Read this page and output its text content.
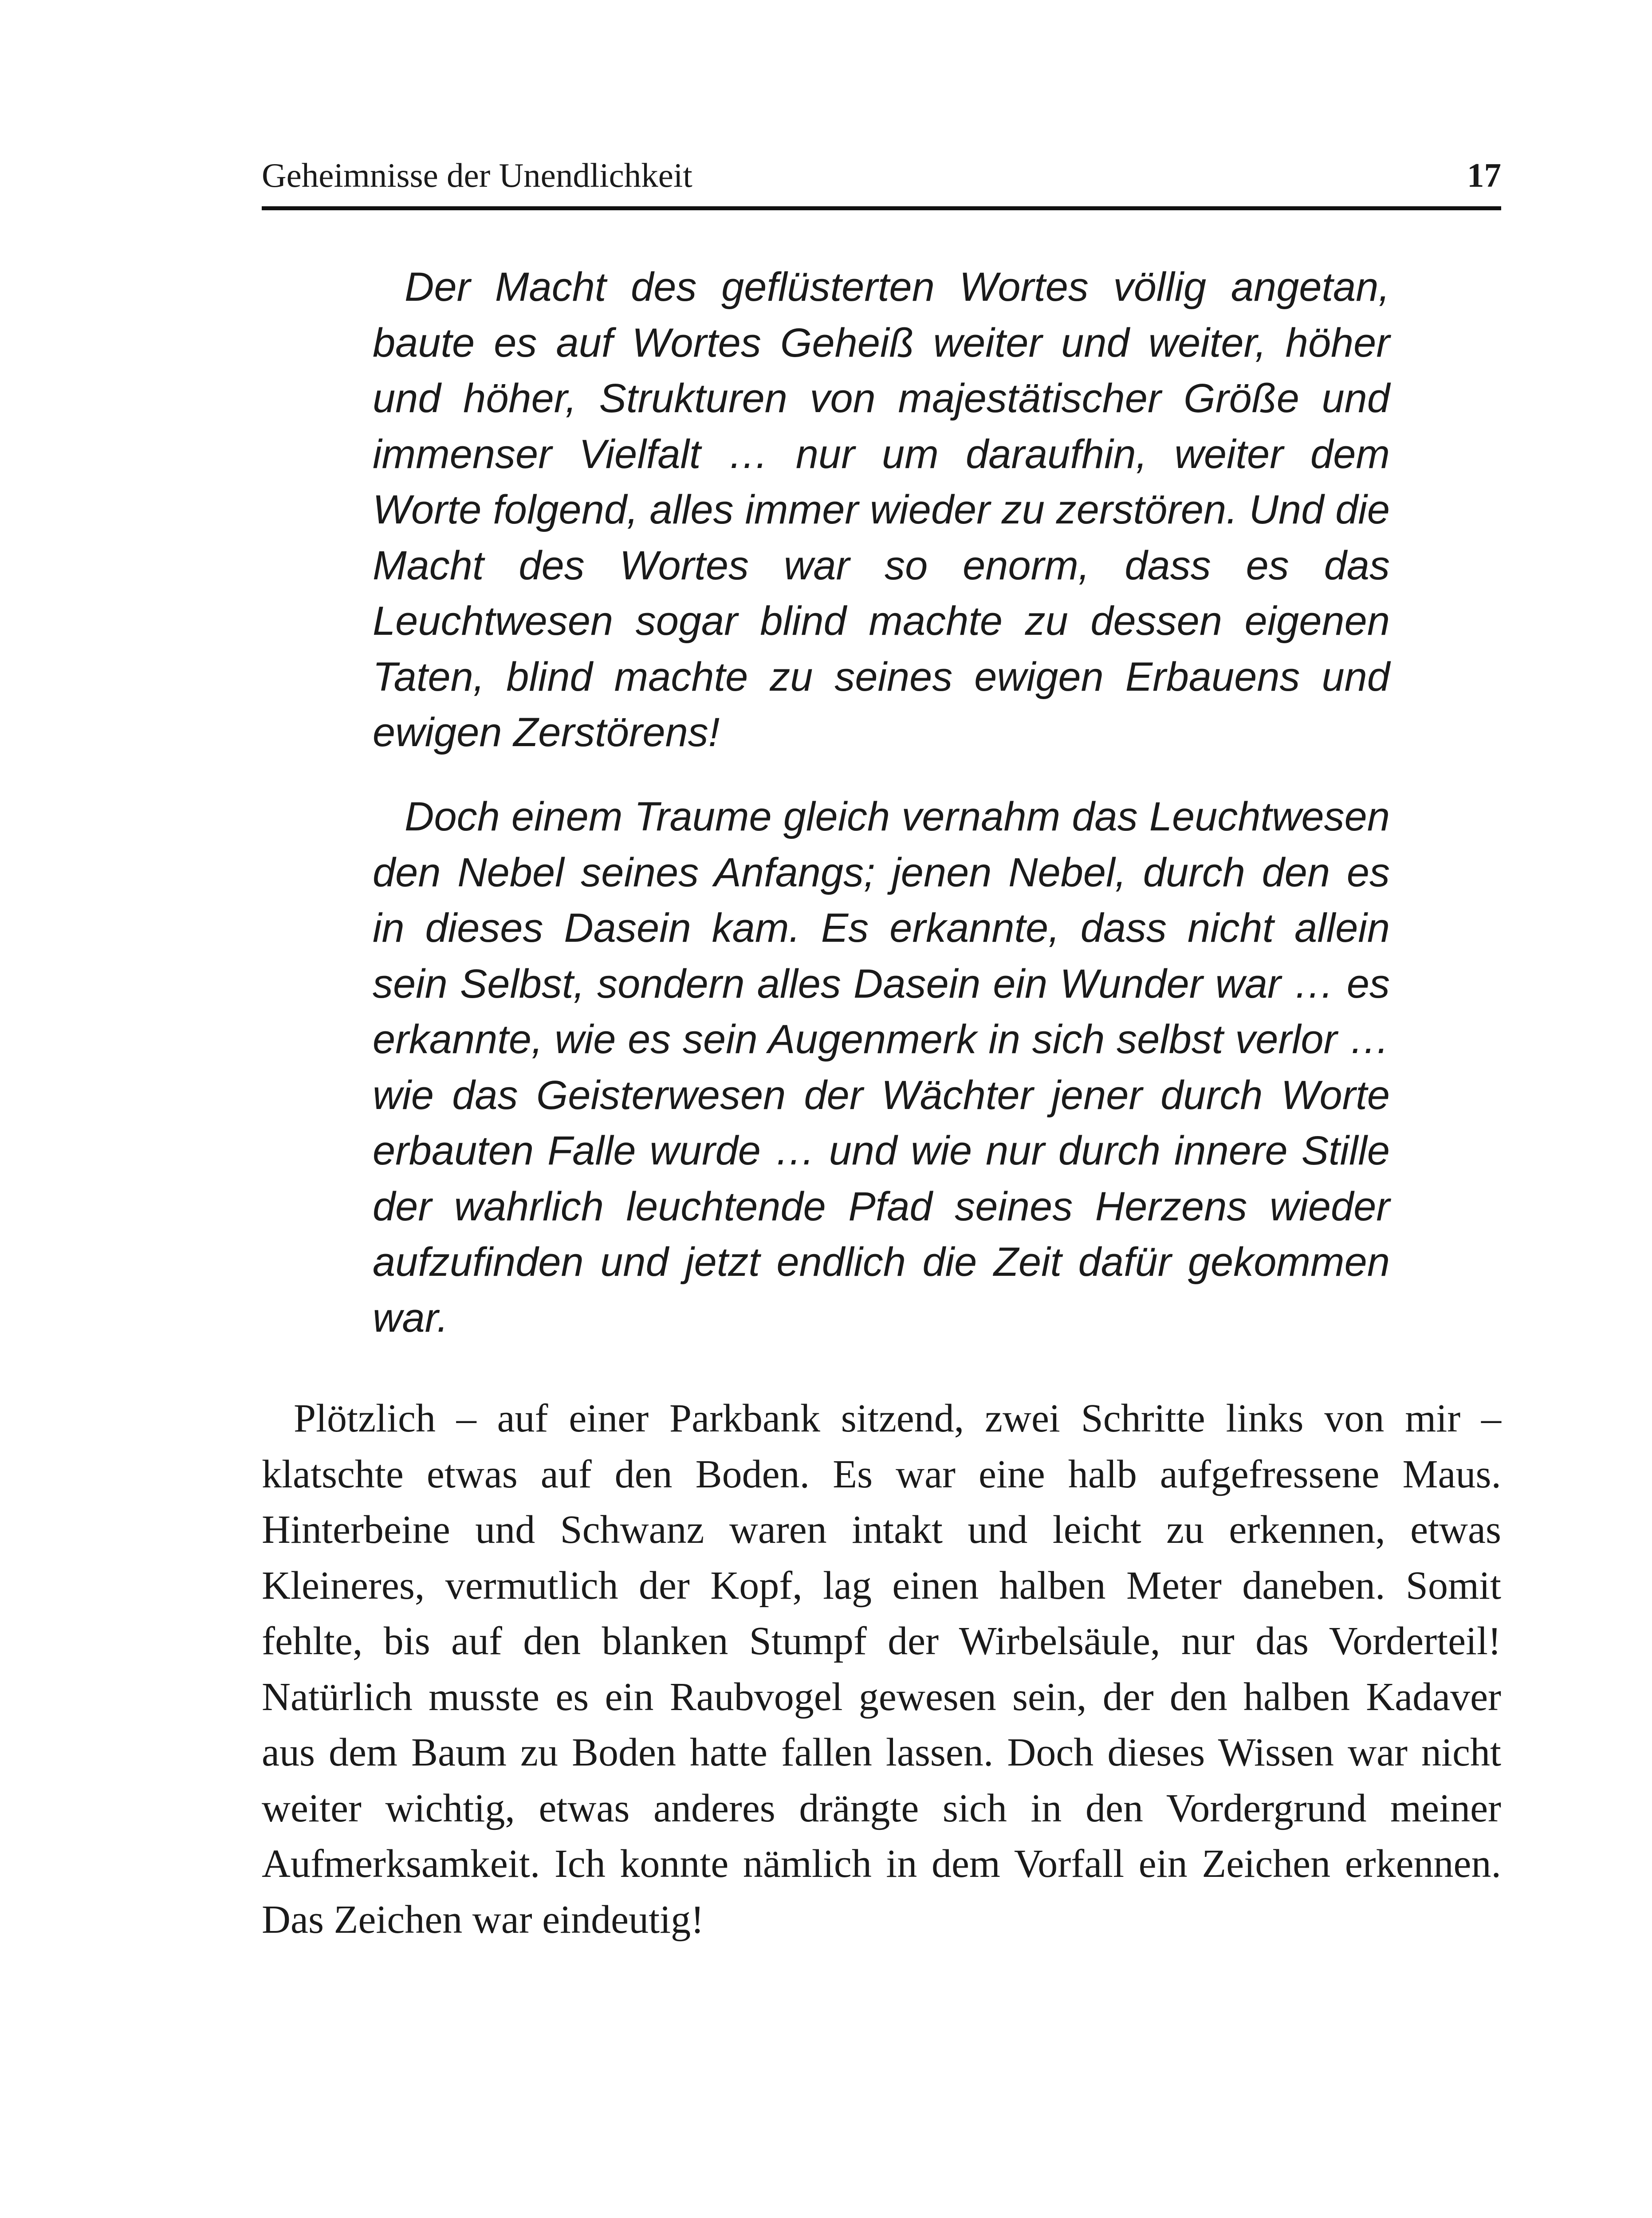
Geheimnisse der Unendlichkeit	17

Der Macht des geflüsterten Wortes völlig angetan, baute es auf Wortes Geheiß weiter und weiter, höher und höher, Strukturen von majestätischer Größe und immenser Vielfalt … nur um daraufhin, weiter dem Worte folgend, alles immer wieder zu zerstören. Und die Macht des Wortes war so enorm, dass es das Leuchtwesen sogar blind machte zu dessen eigenen Taten, blind machte zu seines ewigen Erbauens und ewigen Zerstörens!

Doch einem Traume gleich vernahm das Leuchtwesen den Nebel seines Anfangs; jenen Nebel, durch den es in dieses Dasein kam. Es erkannte, dass nicht allein sein Selbst, sondern alles Dasein ein Wunder war … es erkannte, wie es sein Augenmerk in sich selbst verlor … wie das Geisterwesen der Wächter jener durch Worte erbauten Falle wurde … und wie nur durch innere Stille der wahrlich leuchtende Pfad seines Herzens wieder aufzufinden und jetzt endlich die Zeit dafür gekommen war.

Plötzlich – auf einer Parkbank sitzend, zwei Schritte links von mir – klatschte etwas auf den Boden. Es war eine halb aufgefressene Maus. Hinterbeine und Schwanz waren intakt und leicht zu erkennen, etwas Kleineres, vermutlich der Kopf, lag einen halben Meter daneben. Somit fehlte, bis auf den blanken Stumpf der Wirbelsäule, nur das Vorderteil! Natürlich musste es ein Raubvogel gewesen sein, der den halben Kadaver aus dem Baum zu Boden hatte fallen lassen. Doch dieses Wissen war nicht weiter wichtig, etwas anderes drängte sich in den Vordergrund meiner Aufmerksamkeit. Ich konnte nämlich in dem Vorfall ein Zeichen erkennen. Das Zeichen war eindeutig!
